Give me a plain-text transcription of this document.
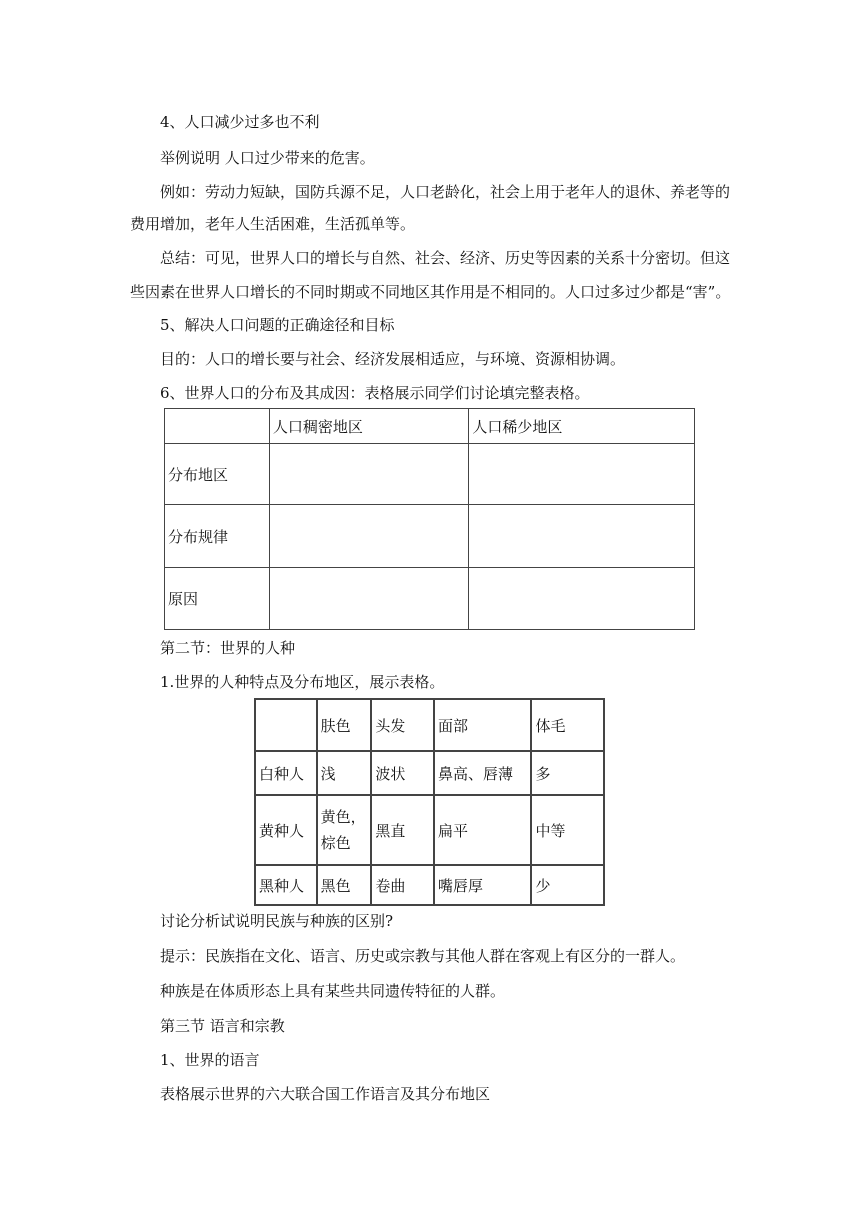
4、人口减少过多也不利
举例说明 人口过少带来的危害。
例如：劳动力短缺，国防兵源不足，人口老龄化，社会上用于老年人的退休、养老等的
费用增加，老年人生活困难，生活孤单等。
总结：可见，世界人口的增长与自然、社会、经济、历史等因素的关系十分密切。但这
些因素在世界人口增长的不同时期或不同地区其作用是不相同的。人口过多过少都是“害”。
5、解决人口问题的正确途径和目标
目的：人口的增长要与社会、经济发展相适应，与环境、资源相协调。
6、世界人口的分布及其成因：表格展示同学们讨论填完整表格。
	人口稠密地区	人口稀少地区
分布地区		
分布规律		
原因		
第二节：世界的人种
1.世界的人种特点及分布地区，展示表格。
	肤色	头发	面部	体毛
白种人	浅	波状	鼻高、唇薄	多
黄种人	黄色，棕色	黑直	扁平	中等
黑种人	黑色	卷曲	嘴唇厚	少
讨论分析试说明民族与种族的区别?
提示：民族指在文化、语言、历史或宗教与其他人群在客观上有区分的一群人。
种族是在体质形态上具有某些共同遗传特征的人群。
第三节 语言和宗教
1、世界的语言
表格展示世界的六大联合国工作语言及其分布地区
